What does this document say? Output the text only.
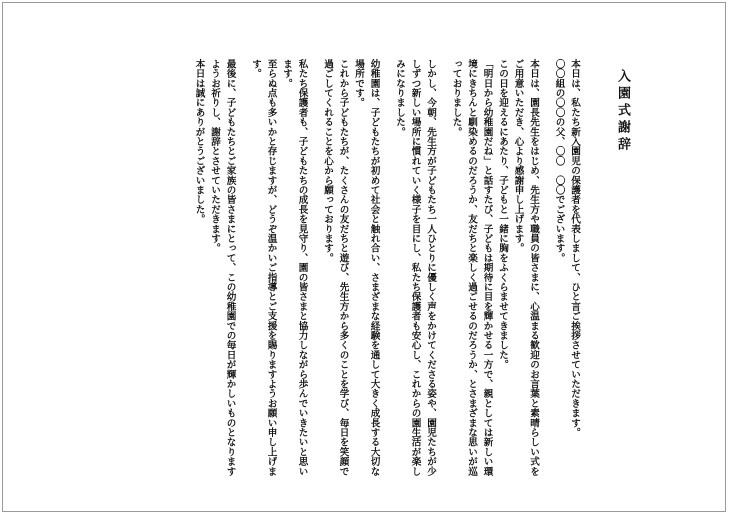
入園式謝辞
本日は、私たち新入園児の保護者を代表しまして、ひと言ご挨拶させていただきます。
〇〇組の〇〇の父、〇〇　〇〇でございます。
本日は、園長先生をはじめ、先生方や職員の皆さまに、心温まる歓迎のお言葉と素晴らしい式をご用意いただき、心より感謝申し上げます。
この日を迎えるにあたり、子どもと一緒に胸をふくらませてきました。
「明日から幼稚園だね」と話すたび、子どもは期待に目を輝かせる一方で、親としては新しい環境にきちんと馴染めるのだろうか、友だちと楽しく過ごせるのだろうか、とさまざまな思いが巡っておりました。
しかし、今朝、先生方が子どもたち一人ひとりに優しく声をかけてくださる姿や、園児たちが少しずつ新しい場所に慣れていく様子を目にし、私たち保護者も安心し、これからの園生活が楽しみになりました。
幼稚園は、子どもたちが初めて社会と触れ合い、さまざまな経験を通して大きく成長する大切な場所です。
これから子どもたちが、たくさんの友だちと遊び、先生方から多くのことを学び、毎日を笑顔で過ごしてくれることを心から願っております。
私たち保護者も、子どもたちの成長を見守り、園の皆さまと協力しながら歩んでいきたいと思います。
至らぬ点も多いかと存じますが、どうぞ温かいご指導とご支援を賜りますようお願い申し上げます。
最後に、子どもたちとご家族の皆さまにとって、この幼稚園での毎日が輝かしいものとなりますようお祈りし、謝辞とさせていただきます。
本日は誠にありがとうございました。
